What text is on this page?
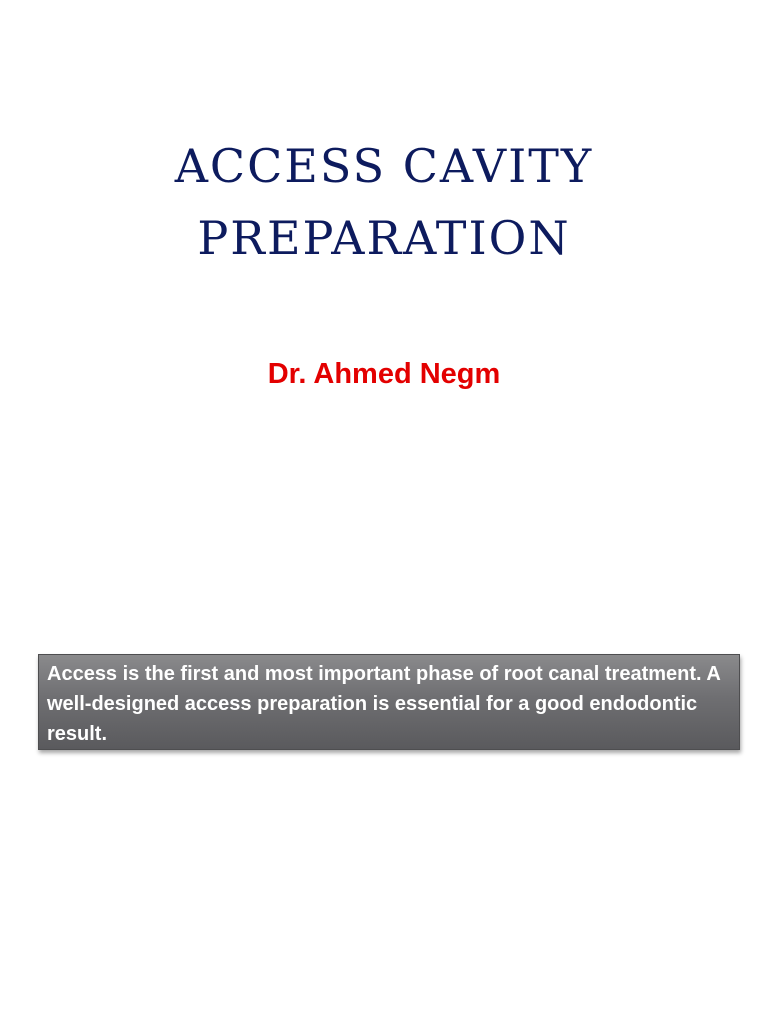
ACCESS CAVITY
PREPARATION

Dr. Ahmed Negm

Access is the first and most important phase of root canal treatment. A well-designed access preparation is essential for a good endodontic result.
